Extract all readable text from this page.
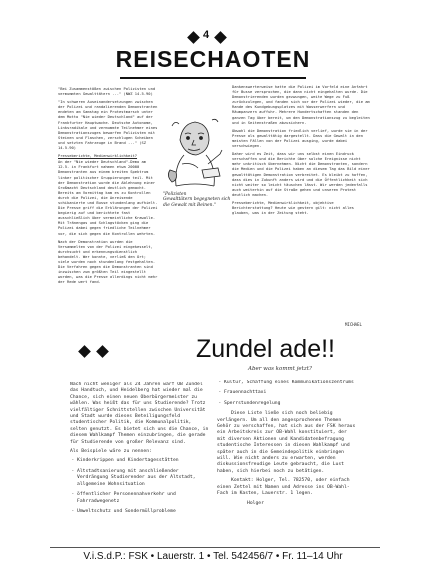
4
REISECHAOTEN

"Bei Zusammenstößen zwischen Polizisten und vermummten Gewalttätern ..." (NWZ 14.5.90)

"In schweren Auseinandersetzungen zwischen der Polizei und randalierenden Demonstranten endeten am Samstag ein Protestmarsch unter dem Motto "Nie wieder Deutschland" auf der Frankfurter Hauptwache. Deutsche Autonome, Linksradikale und vermummte Teilnehmer eines Demonstrationszuges bewarfen Polizisten mit Steinen und Flaschen, zerschlugen Scheiben und setzten Fahrzeuge in Brand ..." (SZ 14.5.90)

Presseberichte, Medienwirklichkeit?

An der "Nie wieder Deutschland"-Demo am 12.5. in Frankfurt nahmen etwa 20000 Demonstranten aus einem breiten Spektrum linker politischer Gruppierungen teil. Mit der Demonstration wurde die Ablehnung einer Großmacht Deutschland deutlich gemacht. Bereits am Vormittag kam es zu Kontrollen durch die Polizei, die Anreisende schikanierte und Busse stundenlang aufhielt. Die Presse griff die Erklärungen der Polizei begierig auf und berichtete fast ausschließlich über vermeintliche Krawalle. Mit Tränengas und Schlagstöcken ging die Polizei dabei gegen friedliche Teilnehmer vor, die sich gegen die Kontrollen wehrten.

Nach der Demonstration wurden die Versammelten von der Polizei eingekesselt, durchsucht und erkennungsdienstlich behandelt. Wer konnte, verließ den Ort; viele wurden noch stundenlang festgehalten. Die Verfahren gegen die Demonstranten sind inzwischen zum größten Teil eingestellt worden, was die Presse allerdings nicht mehr der Rede wert fand.

"Polizisten
Gewalttätern begegneten sich
die Gewalt mit Beinen."

Dankenswerterweise hatte die Polizei im Vorfeld eine Anfahrt für Busse versprochen, die dann nicht eingehalten wurde. Die Demonstrierenden wurden gezwungen, weite Wege zu Fuß zurückzulegen, und fanden sich vor der Polizei wieder, die am Rande des Kundgebungsplatzes mit Wasserwerfern und Räumpanzern auffuhr. Mehrere Hundertschaften standen den ganzen Tag über bereit, um den Demonstrationszug zu begleiten und in Seitenstraßen abzusichern.

Obwohl die Demonstration friedlich verlief, wurde sie in der Presse als gewalttätig dargestellt. Dass die Gewalt in den meisten Fällen von der Polizei ausging, wurde dabei verschwiegen.

Daher wird es Zeit, dass wir uns selbst einen Eindruck verschaffen und die Berichte über solche Ereignisse nicht mehr unkritisch übernehmen. Nicht die Demonstranten, sondern die Medien und die Polizei haben an diesem Tag das Bild einer gewalttätigen Demonstration verbreitet. Es bleibt zu hoffen, dass dies in Zukunft anders wird und die Öffentlichkeit sich nicht weiter so leicht täuschen lässt. Wir werden jedenfalls auch weiterhin auf die Straße gehen und unseren Protest deutlich machen.

Presseberichte, Medienwirklichkeit, objektive Berichterstattung? Heute wie gestern gilt: nicht alles glauben, was in der Zeitung steht.

MICHAEL
Zundel ade!!
Aber was kommt jetzt?

Nach nicht weniger als 24 Jahren warf OB Zundel das Handtuch, und Heidelberg hat wieder mal die Chance, sich einen neuen Oberbürgermeister zu wählen. Was heißt das für uns Studierende? Trotz vielfältiger Schnittstellen zwischen Universität und Stadt wurde dieses Beteiligungsfeld studentischer Politik, die Kommunalpolitik, selten genutzt. Es bietet sich uns die Chance, in diesem Wahlkampf Themen einzubringen, die gerade für Studierende von großer Relevanz sind.

Als Beispiele wäre zu nennen:

- Kinderkrippen und Kindertagesstätten
- Altstadtsanierung mit anschließender Verdrängung Studierender aus der Altstadt, allgemeine Wohnsituation
- öffentlicher Personennahverkehr und Fahrradwegenetz
- Umweltschutz und Sondermüllprobleme
- Kultur, Schaffung eines Kommunikationszentrums
- Frauennachttaxi
- Sperrstundenregelung

Diese Liste ließe sich noch beliebig verlängern. Um all den angesprochenen Themen Gehör zu verschaffen, hat sich aus der FSK heraus ein Arbeitskreis zur OB-Wahl konstituiert, der mit diversen Aktionen und Kandidatenbefragung studentische Interessen in diesen Wahlkampf und später auch in die Gemeindepolitik einbringen will. Wie nicht anders zu erwarten, werden diskussionsfreudige Leute gebraucht, die Lust haben, sich hierbei noch zu betätigen.

Kontakt: Holger, Tel. 782570, oder einfach einen Zettel mit Namen und Adresse ins OB-Wahl-Fach im Kasten, Lauerstr. 1 legen.

Holger

V.i.S.d.P.: FSK • Lauerstr. 1 • Tel. 542456/7 • Fr. 11–14 Uhr
